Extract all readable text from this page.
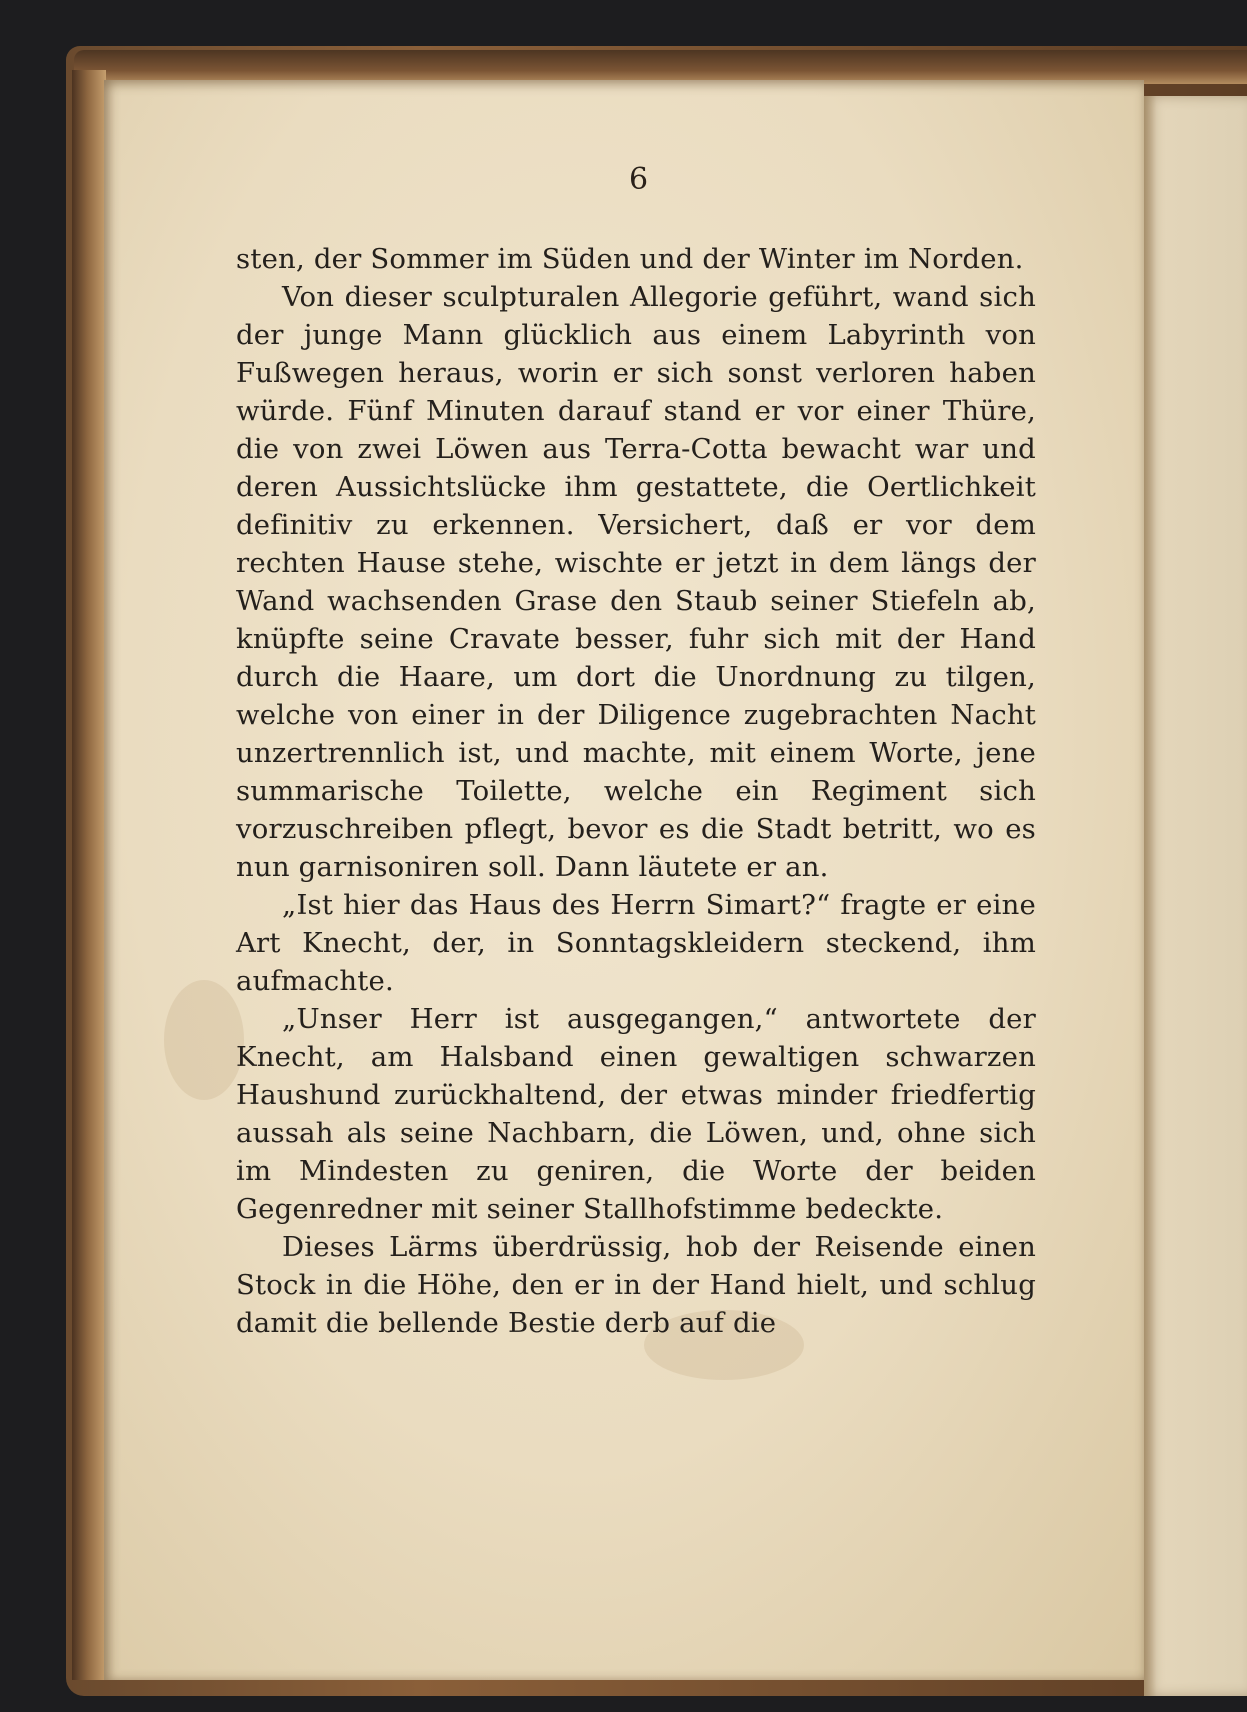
6

sten, der Sommer im Süden und der Winter im Norden.

Von dieser sculpturalen Allegorie geführt, wand sich der junge Mann glücklich aus einem Labyrinth von Fußwegen heraus, worin er sich sonst verloren haben würde. Fünf Minuten darauf stand er vor einer Thüre, die von zwei Löwen aus Terra-Cotta bewacht war und deren Aussichtslücke ihm gestattete, die Oertlichkeit definitiv zu erkennen. Versichert, daß er vor dem rechten Hause stehe, wischte er jetzt in dem längs der Wand wachsenden Grase den Staub seiner Stiefeln ab, knüpfte seine Cravate besser, fuhr sich mit der Hand durch die Haare, um dort die Unordnung zu tilgen, welche von einer in der Diligence zugebrachten Nacht unzertrennlich ist, und machte, mit einem Worte, jene summarische Toilette, welche ein Regiment sich vorzuschreiben pflegt, bevor es die Stadt betritt, wo es nun garnisoniren soll. Dann läutete er an.

„Ist hier das Haus des Herrn Simart?“ fragte er eine Art Knecht, der, in Sonntagskleidern steckend, ihm aufmachte.

„Unser Herr ist ausgegangen,“ antwortete der Knecht, am Halsband einen gewaltigen schwarzen Haushund zurückhaltend, der etwas minder friedfertig aussah als seine Nachbarn, die Löwen, und, ohne sich im Mindesten zu geniren, die Worte der beiden Gegenredner mit seiner Stallhofstimme bedeckte.

Dieses Lärms überdrüssig, hob der Reisende einen Stock in die Höhe, den er in der Hand hielt, und schlug damit die bellende Bestie derb auf die
